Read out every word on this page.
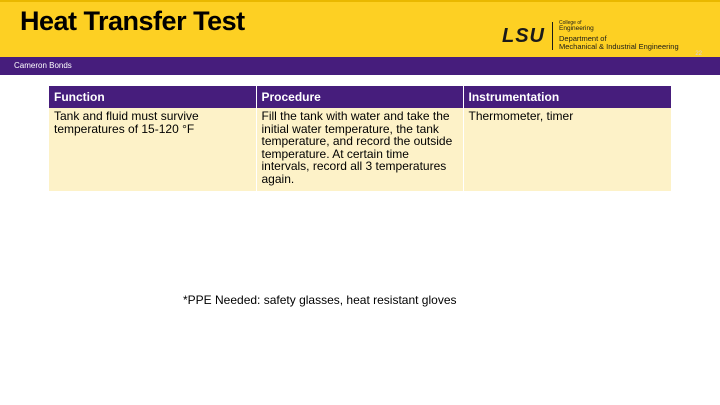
Heat Transfer Test	LSU
College of
Engineering
Department of
Mechanical & Industrial Engineering
Cameron Bonds
22
Function	Procedure	Instrumentation
Tank and fluid must survive temperatures of 15-120 °F	Fill the tank with water and take the initial water temperature, the tank temperature, and record the outside temperature. At certain time intervals, record all 3 temperatures again.	Thermometer, timer
*PPE Needed: safety glasses, heat resistant gloves
